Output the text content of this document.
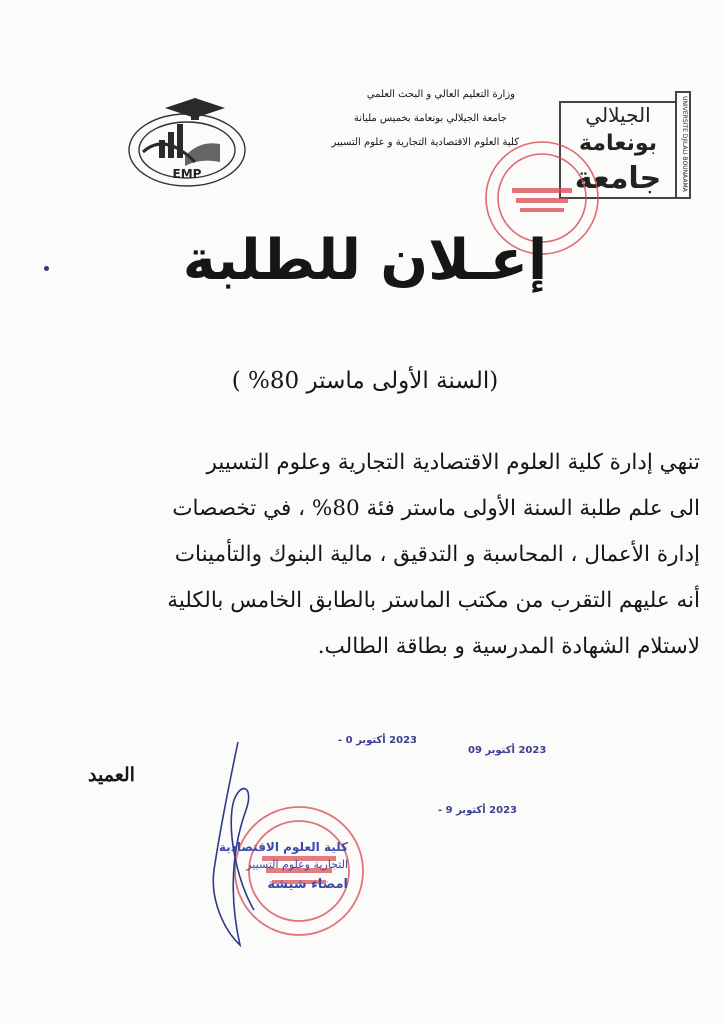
وزارة التعليم العالي و البحث العلمي
جامعة الجيلالي بونعامة بخميس مليانة
كلية العلوم الاقتصادية التجارية و علوم التسيير
EMP
الجيلالي
بونعامة
جامعة	UNIVERSITE DJILALI BOUNAAMA
إعـلان للطلبة
(السنة الأولى ماستر 80% )
تنهي إدارة كلية العلوم الاقتصادية التجارية وعلوم التسيير
الى علم طلبة السنة الأولى ماستر فئة 80% ، في تخصصات
إدارة الأعمال ، المحاسبة و التدقيق ، مالية البنوك والتأمينات
أنه عليهم التقرب من مكتب الماستر بالطابق الخامس بالكلية
لاستلام الشهادة المدرسية و بطاقة الطالب.
العميد
2023 أكتوبر 0 -
2023 أكتوبر 09
2023 أكتوبر 9 -
كلية العلوم الاقتصادية
التجارية وعلوم التسيير
امضاء شيشة
